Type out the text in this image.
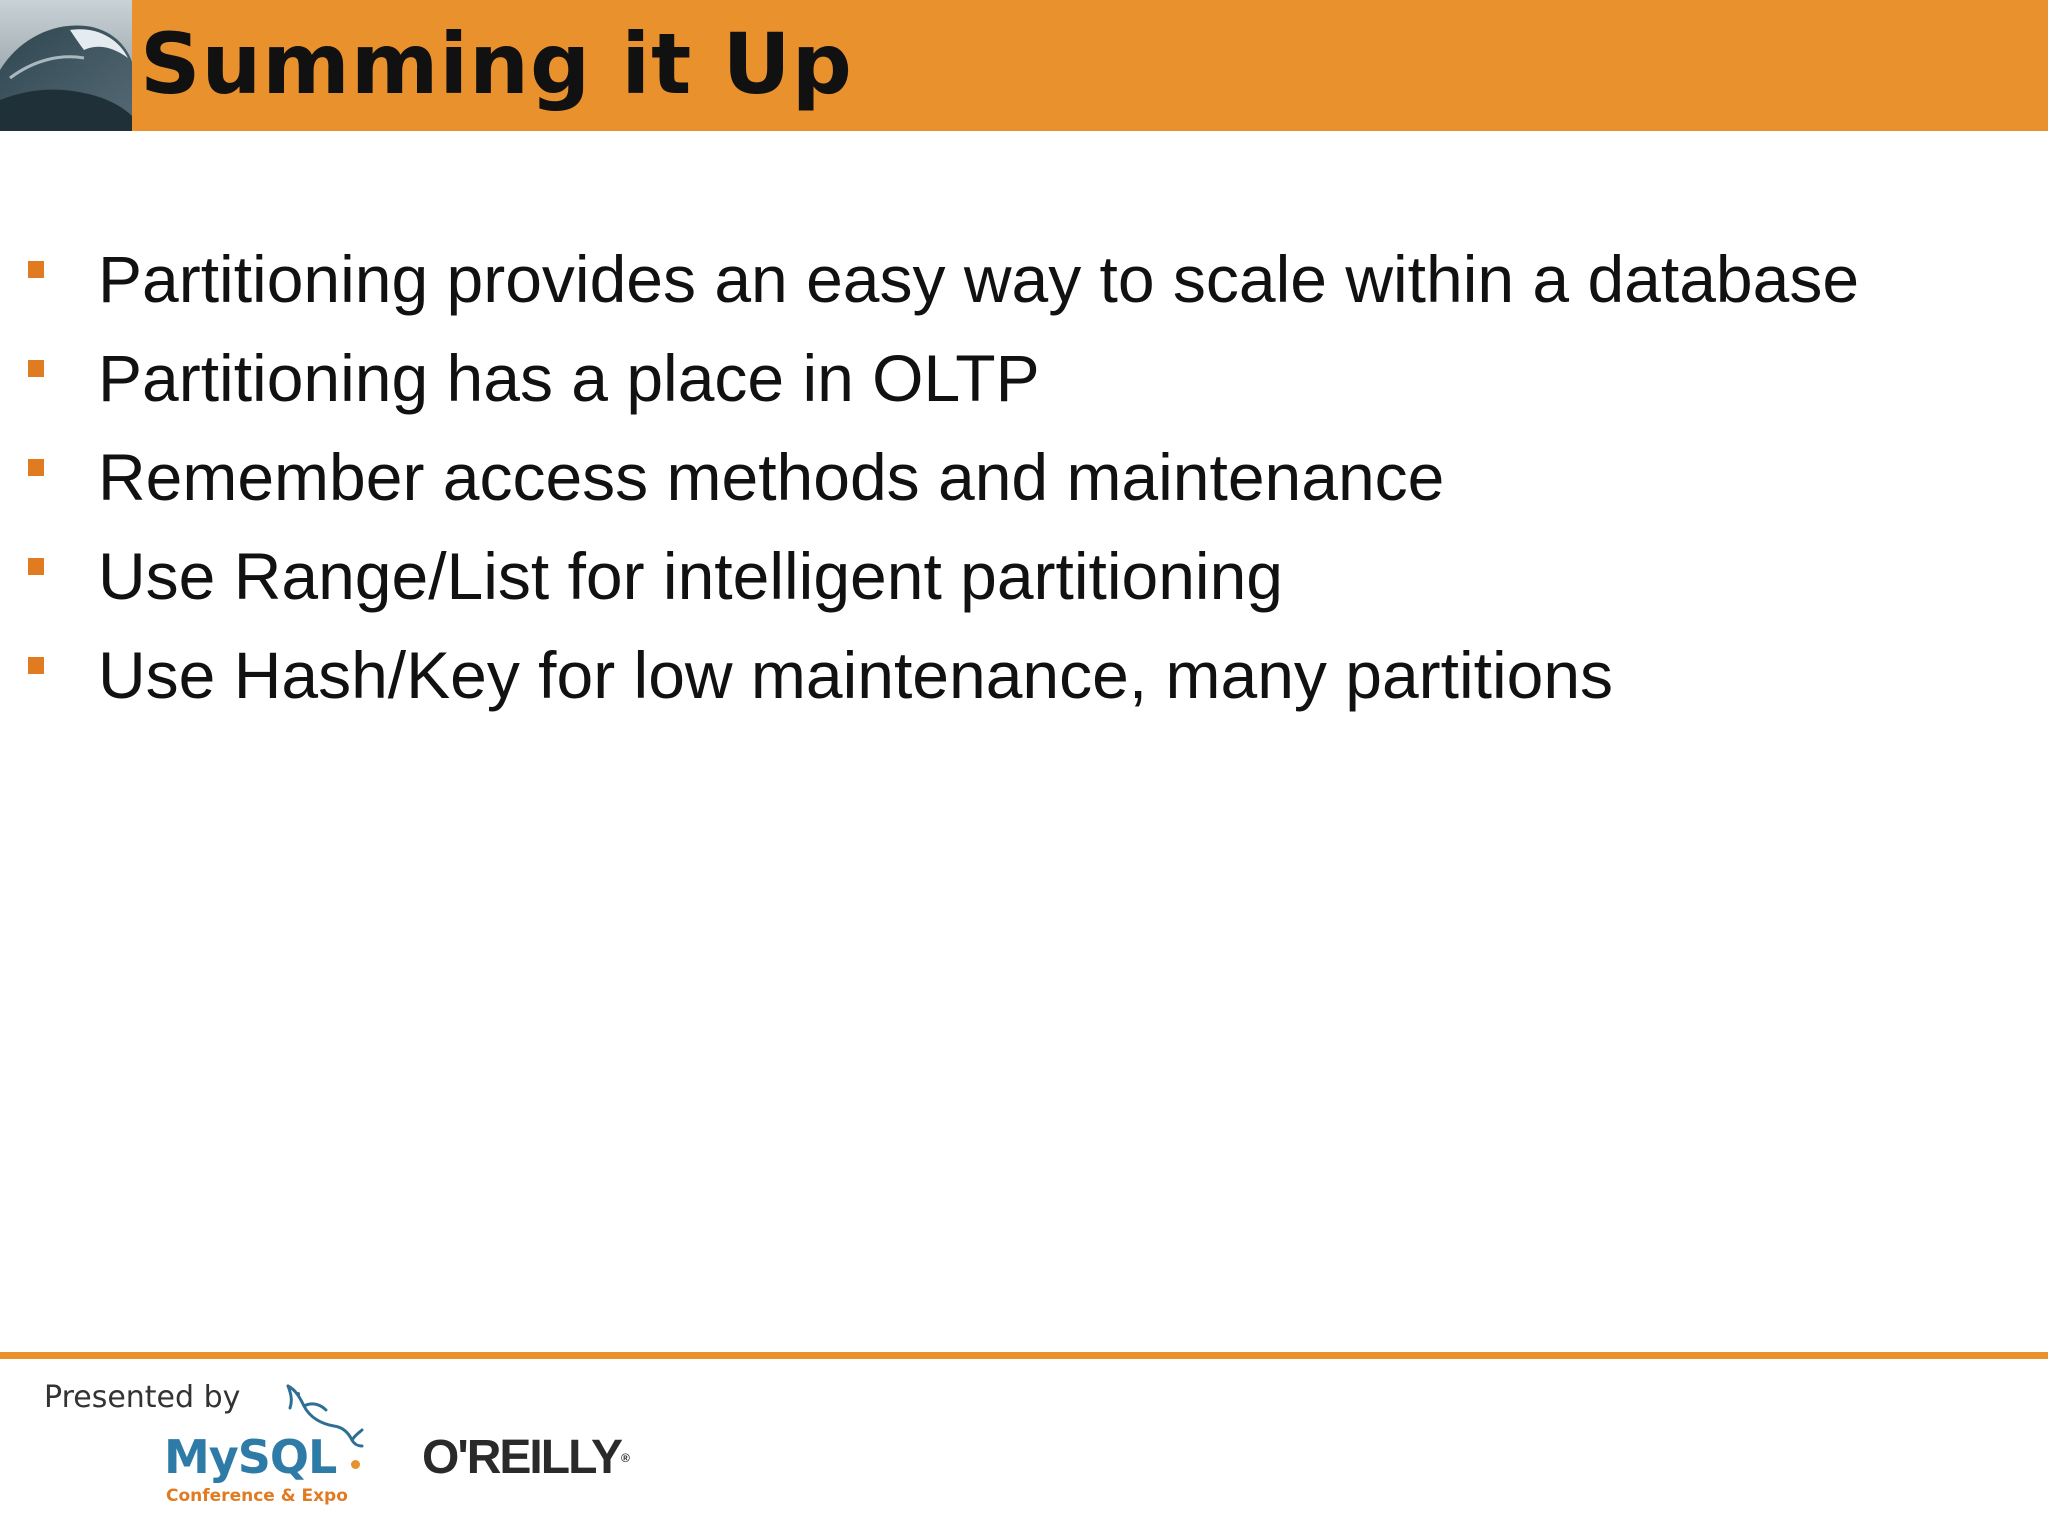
Summing it Up
Partitioning provides an easy way to scale within a database
Partitioning has a place in OLTP
Remember access methods and maintenance
Use Range/List for intelligent partitioning
Use Hash/Key for low maintenance, many partitions
Presented by
MySQL
Conference & Expo
O'REILLY®
